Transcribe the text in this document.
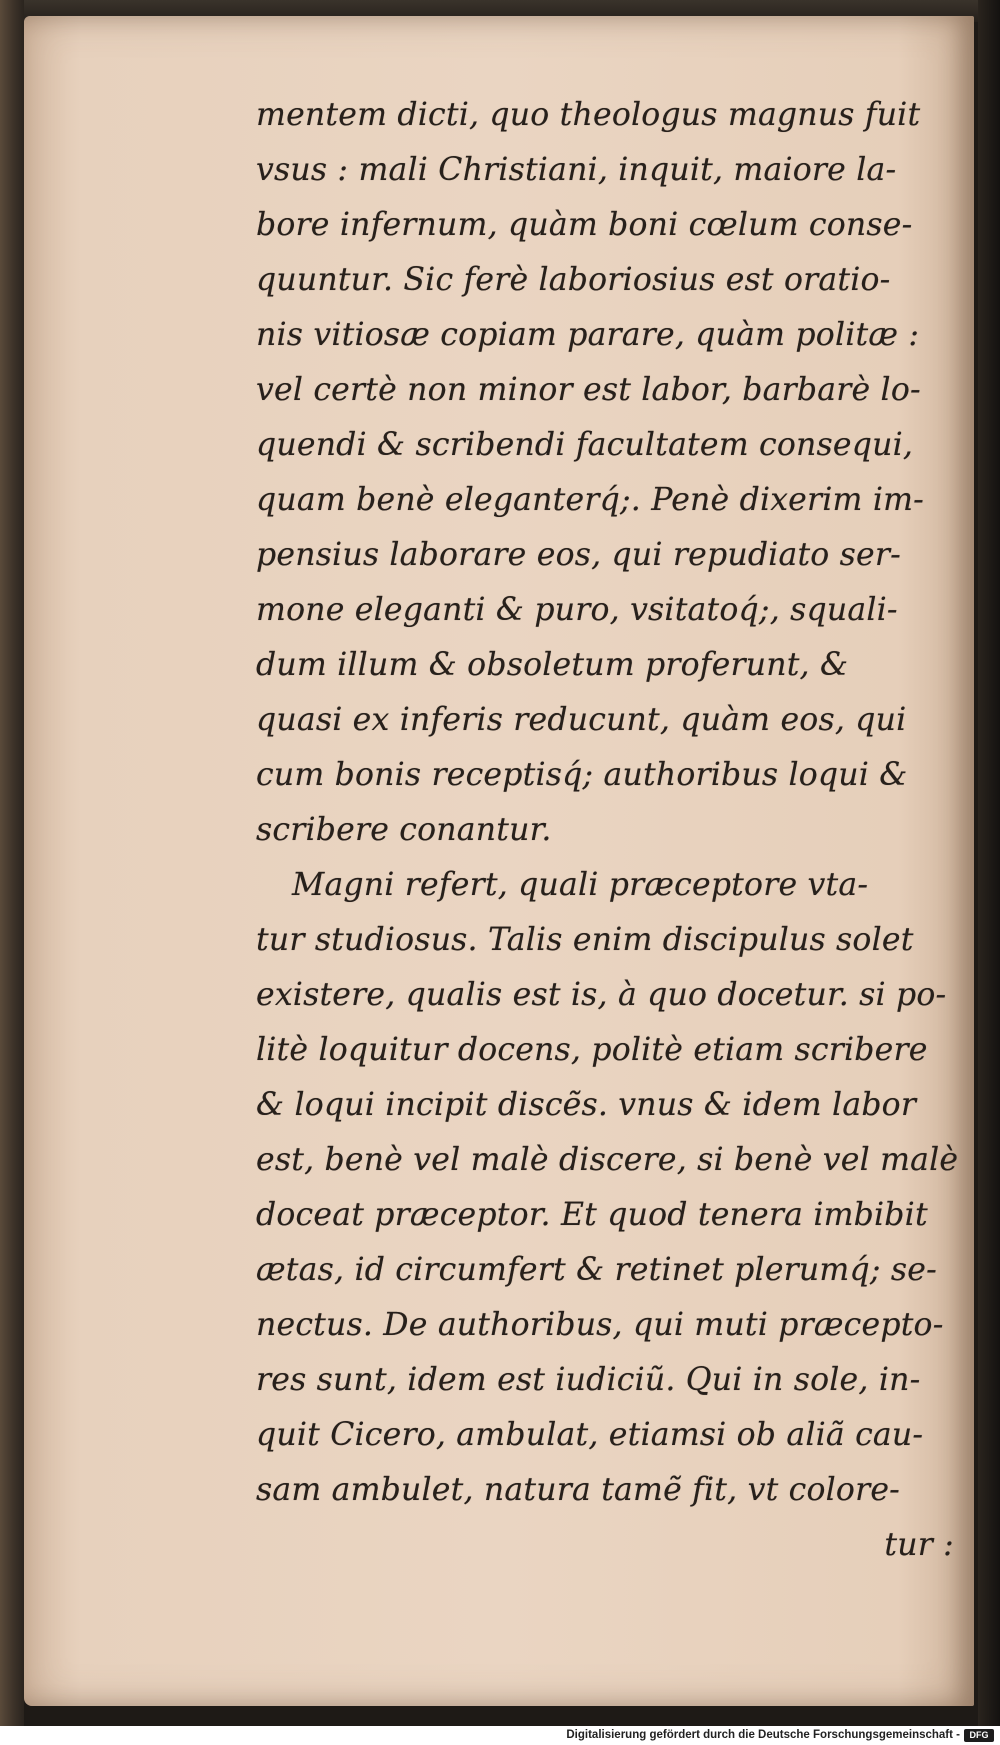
mentem dicti, quo theologus magnus fuit
vsus : mali Christiani, inquit, maiore la-
bore infernum, quàm boni cœlum conse-
quuntur. Sic ferè laboriosius est oratio-
nis vitiosæ copiam parare, quàm politæ :
vel certè non minor est labor, barbarè lo-
quendi & scribendi facultatem consequi,
quam benè eleganterq́;. Penè dixerim im-
pensius laborare eos, qui repudiato ser-
mone eleganti & puro, vsitatoq́;, squali-
dum illum & obsoletum proferunt, &
quasi ex inferis reducunt, quàm eos, qui
cum bonis receptisq́; authoribus loqui &
scribere conantur.
Magni refert, quali præceptore vta-
tur studiosus. Talis enim discipulus solet
existere, qualis est is, à quo docetur. si po-
litè loquitur docens, politè etiam scribere
& loqui incipit discẽs. vnus & idem labor
est, benè vel malè discere, si benè vel malè
doceat præceptor. Et quod tenera imbibit
ætas, id circumfert & retinet plerumq́; se-
nectus. De authoribus, qui muti præcepto-
res sunt, idem est iudiciũ. Qui in sole, in-
quit Cicero, ambulat, etiamsi ob aliã cau-
sam ambulet, natura tamẽ fit, vt colore-
tur :
Digitalisierung gefördert durch die Deutsche Forschungsgemeinschaft -	DFG
